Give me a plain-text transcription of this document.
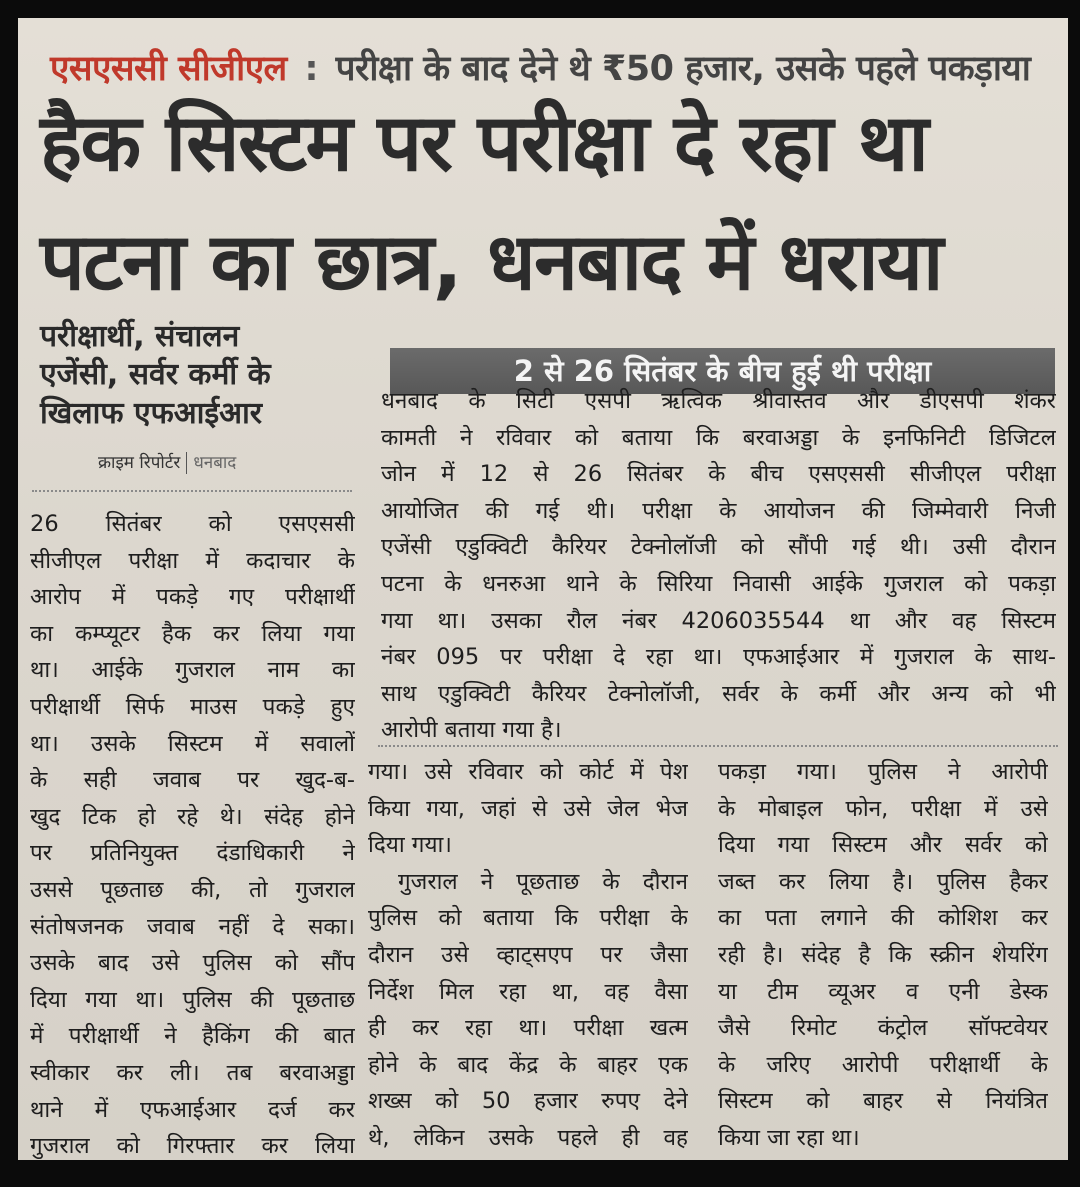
एसएससी सीजीएल : परीक्षा के बाद देने थे ₹50 हजार, उसके पहले पकड़ाया
हैक सिस्टम पर परीक्षा दे रहा था
पटना का छात्र, धनबाद में धराया
परीक्षार्थी, संचालन
एजेंसी, सर्वर कर्मी के
खिलाफ एफआईआर
क्राइम रिपोर्टर धनबाद
2 से 26 सितंबर के बीच हुई थी परीक्षा
धनबाद के सिटी एसपी ऋत्विक श्रीवास्तव और डीएसपी शंकर
कामती ने रविवार को बताया कि बरवाअड्डा के इनफिनिटी डिजिटल
जोन में 12 से 26 सितंबर के बीच एसएससी सीजीएल परीक्षा
आयोजित की गई थी। परीक्षा के आयोजन की जिम्मेवारी निजी
एजेंसी एडुक्विटी कैरियर टेक्नोलॉजी को सौंपी गई थी। उसी दौरान
पटना के धनरुआ थाने के सिरिया निवासी आईके गुजराल को पकड़ा
गया था। उसका रौल नंबर 4206035544 था और वह सिस्टम
नंबर 095 पर परीक्षा दे रहा था। एफआईआर में गुजराल के साथ-
साथ एडुक्विटी कैरियर टेक्नोलॉजी, सर्वर के कर्मी और अन्य को भी
आरोपी बताया गया है।
26 सितंबर को एसएससी
सीजीएल परीक्षा में कदाचार के
आरोप में पकड़े गए परीक्षार्थी
का कम्प्यूटर हैक कर लिया गया
था। आईके गुजराल नाम का
परीक्षार्थी सिर्फ माउस पकड़े हुए
था। उसके सिस्टम में सवालों
के सही जवाब पर खुद-ब-
खुद टिक हो रहे थे। संदेह होने
पर प्रतिनियुक्त दंडाधिकारी ने
उससे पूछताछ की, तो गुजराल
संतोषजनक जवाब नहीं दे सका।
उसके बाद उसे पुलिस को सौंप
दिया गया था। पुलिस की पूछताछ
में परीक्षार्थी ने हैकिंग की बात
स्वीकार कर ली। तब बरवाअड्डा
थाने में एफआईआर दर्ज कर
गुजराल को गिरफ्तार कर लिया
गया। उसे रविवार को कोर्ट में पेश
किया गया, जहां से उसे जेल भेज
दिया गया।
गुजराल ने पूछताछ के दौरान
पुलिस को बताया कि परीक्षा के
दौरान उसे व्हाट्सएप पर जैसा
निर्देश मिल रहा था, वह वैसा
ही कर रहा था। परीक्षा खत्म
होने के बाद केंद्र के बाहर एक
शख्स को 50 हजार रुपए देने
थे, लेकिन उसके पहले ही वह
पकड़ा गया। पुलिस ने आरोपी
के मोबाइल फोन, परीक्षा में उसे
दिया गया सिस्टम और सर्वर को
जब्त कर लिया है। पुलिस हैकर
का पता लगाने की कोशिश कर
रही है। संदेह है कि स्क्रीन शेयरिंग
या टीम व्यूअर व एनी डेस्क
जैसे रिमोट कंट्रोल सॉफ्टवेयर
के जरिए आरोपी परीक्षार्थी के
सिस्टम को बाहर से नियंत्रित
किया जा रहा था।
